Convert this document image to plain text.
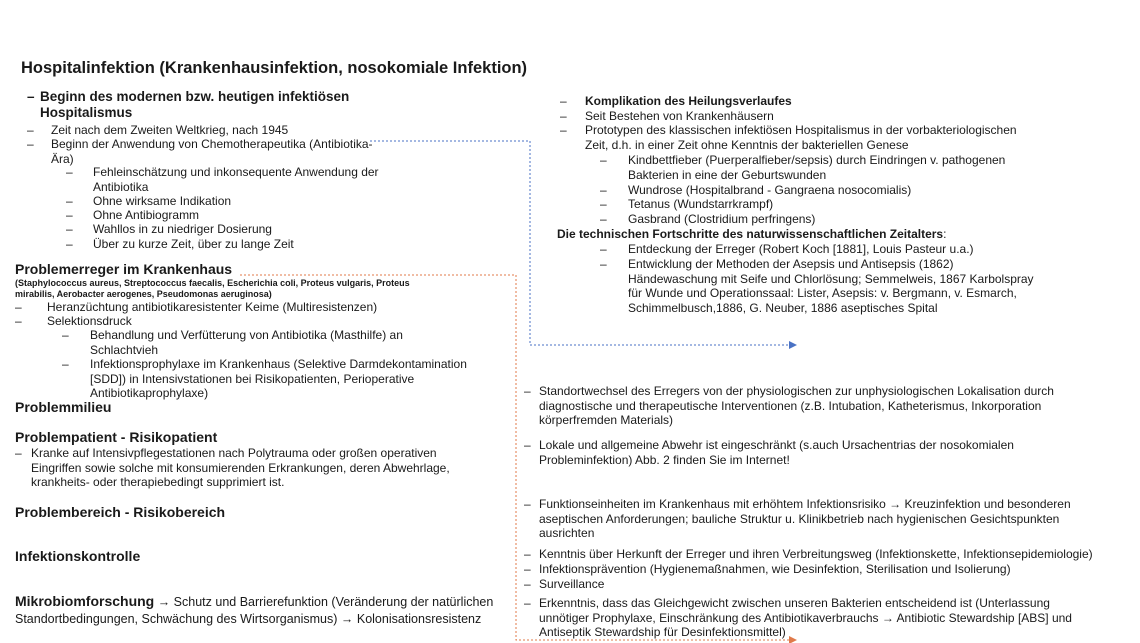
Hospitalinfektion (Krankenhausinfektion, nosokomiale Infektion)
– Beginn des modernen bzw. heutigen infektiösen Hospitalismus
– Zeit nach dem Zweiten Weltkrieg, nach 1945
– Beginn der Anwendung von Chemotherapeutika (Antibiotika-Ära)
– Fehleinschätzung und inkonsequente Anwendung der Antibiotika
– Ohne wirksame Indikation
– Ohne Antibiogramm
– Wahllos in zu niedriger Dosierung
– Über zu kurze Zeit, über zu lange Zeit
Problemerreger im Krankenhaus
(Staphylococcus aureus, Streptococcus faecalis, Escherichia coli, Proteus vulgaris, Proteus mirabilis, Aerobacter aerogenes, Pseudomonas aeruginosa)
– Heranzüchtung antibiotikaresistenter Keime (Multiresistenzen)
– Selektionsdruck
– Behandlung und Verfütterung von Antibiotika (Masthilfe) an Schlachtvieh
– Infektionsprophylaxe im Krankenhaus (Selektive Darmdekontamination [SDD]) in Intensivstationen bei Risikopatienten, Perioperative Antibiotikaprophylaxe)
Problemmilieu
Problempatient - Risikopatient
– Kranke auf Intensivpflegestationen nach Polytrauma oder großen operativen Eingriffen sowie solche mit konsumierenden Erkrankungen, deren Abwehrlage, krankheits- oder therapiebedingt supprimiert ist.
Problembereich - Risikobereich
Infektionskontrolle
Mikrobiomforschung → Schutz und Barrierefunktion (Veränderung der natürlichen Standortbedingungen, Schwächung des Wirtsorganismus) → Kolonisationsresistenz
– Komplikation des Heilungsverlaufes
– Seit Bestehen von Krankenhäusern
– Prototypen des klassischen infektiösen Hospitalismus in der vorbakteriologischen Zeit, d.h. in einer Zeit ohne Kenntnis der bakteriellen Genese
– Kindbettfieber (Puerperalfieber/sepsis) durch Eindringen v. pathogenen Bakterien in eine der Geburtswunden
– Wundrose (Hospitalbrand - Gangraena nosocomialis)
– Tetanus (Wundstarrkrampf)
– Gasbrand (Clostridium perfringens)
Die technischen Fortschritte des naturwissenschaftlichen Zeitalters:
– Entdeckung der Erreger (Robert Koch [1881], Louis Pasteur u.a.)
– Entwicklung der Methoden der Asepsis und Antisepsis (1862) Händewaschung mit Seife und Chlorlösung; Semmelweis, 1867 Karbolspray für Wunde und Operationssaal: Lister, Asepsis: v. Bergmann, v. Esmarch, Schimmelbusch,1886, G. Neuber, 1886 aseptisches Spital
– Standortwechsel des Erregers von der physiologischen zur unphysiologischen Lokalisation durch diagnostische und therapeutische Interventionen (z.B. Intubation, Katheterismus, Inkorporation körperfremden Materials)
– Lokale und allgemeine Abwehr ist eingeschränkt (s.auch Ursachentrias der nosokomialen Probleminfektion) Abb. 2 finden Sie im Internet!
– Funktionseinheiten im Krankenhaus mit erhöhtem Infektionsrisiko → Kreuzinfektion und besonderen aseptischen Anforderungen; bauliche Struktur u. Klinikbetrieb nach hygienischen Gesichtspunkten ausrichten
– Kenntnis über Herkunft der Erreger und ihren Verbreitungsweg (Infektionskette, Infektionsepidemiologie)
– Infektionsprävention (Hygienemaßnahmen, wie Desinfektion, Sterilisation und Isolierung)
– Surveillance
– Erkenntnis, dass das Gleichgewicht zwischen unseren Bakterien entscheidend ist (Unterlassung unnötiger Prophylaxe, Einschränkung des Antibiotikaverbrauchs → Antibiotic Stewardship [ABS] und Antiseptik Stewardship für Desinfektionsmittel)
